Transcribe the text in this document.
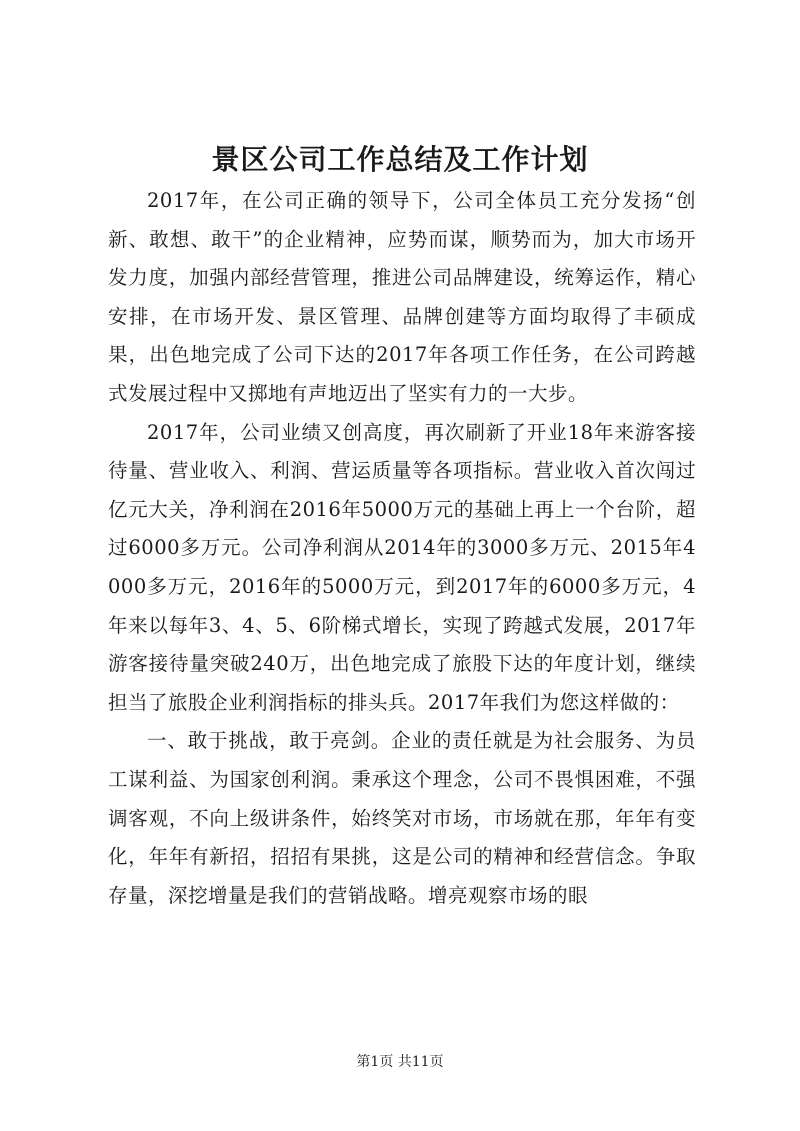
景区公司工作总结及工作计划

2017年，在公司正确的领导下，公司全体员工充分发扬“创新、敢想、敢干”的企业精神，应势而谋，顺势而为，加大市场开发力度，加强内部经营管理，推进公司品牌建设，统筹运作，精心安排，在市场开发、景区管理、品牌创建等方面均取得了丰硕成果，出色地完成了公司下达的2017年各项工作任务，在公司跨越式发展过程中又掷地有声地迈出了坚实有力的一大步。

2017年，公司业绩又创高度，再次刷新了开业18年来游客接待量、营业收入、利润、营运质量等各项指标。营业收入首次闯过亿元大关，净利润在2016年5000万元的基础上再上一个台阶，超过6000多万元。公司净利润从2014年的3000多万元、2015年4000多万元，2016年的5000万元，到2017年的6000多万元，4年来以每年3、4、5、6阶梯式增长，实现了跨越式发展，2017年游客接待量突破240万，出色地完成了旅股下达的年度计划，继续担当了旅股企业利润指标的排头兵。2017年我们为您这样做的：

一、敢于挑战，敢于亮剑。企业的责任就是为社会服务、为员工谋利益、为国家创利润。秉承这个理念，公司不畏惧困难，不强调客观，不向上级讲条件，始终笑对市场，市场就在那，年年有变化，年年有新招，招招有果挑，这是公司的精神和经营信念。争取存量，深挖增量是我们的营销战略。增亮观察市场的眼

第1页 共11页
